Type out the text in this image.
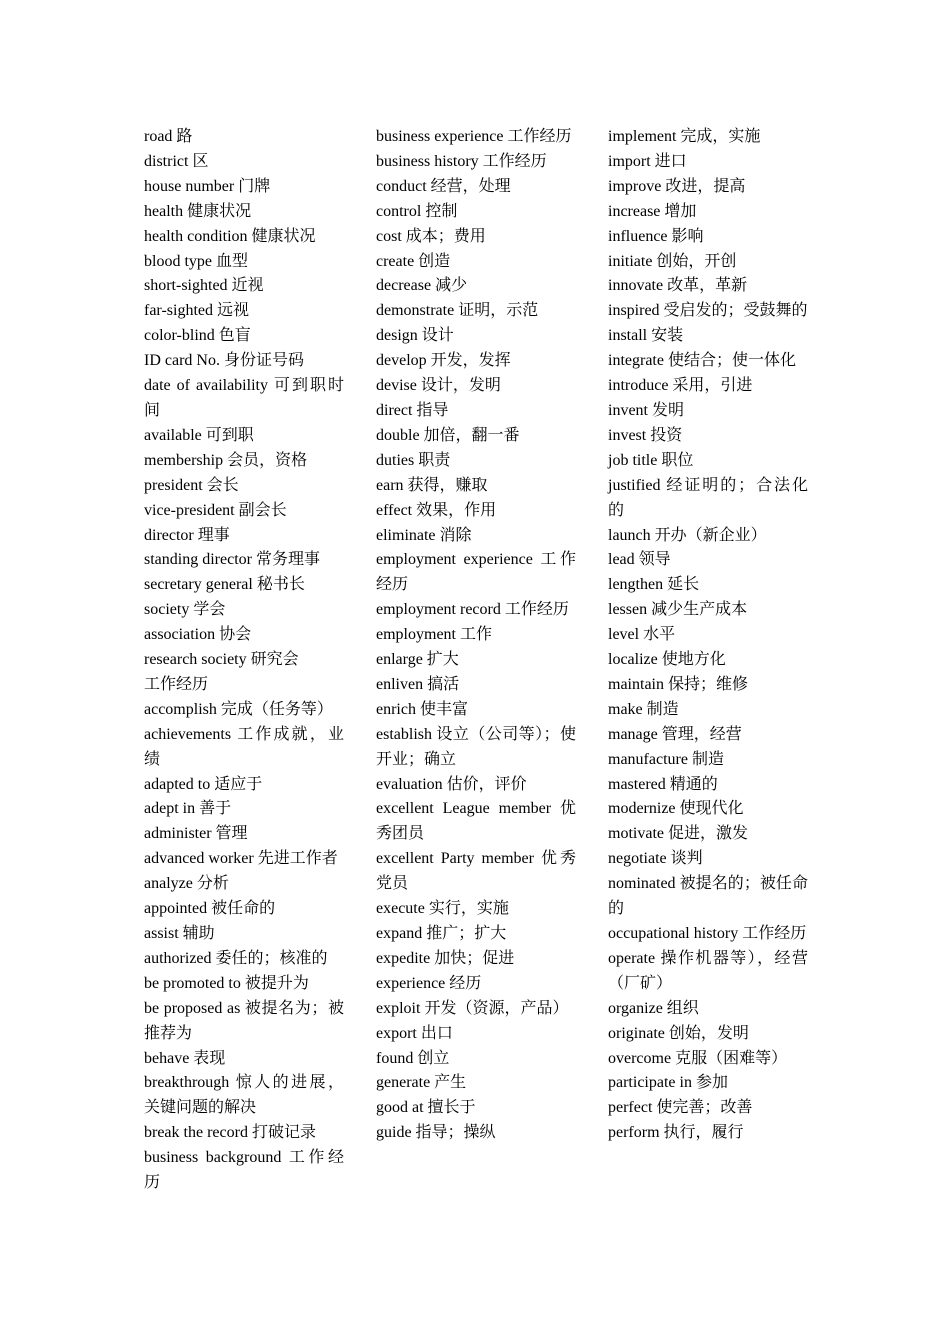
road 路

district 区

house number 门牌

health 健康状况

health condition 健康状况

blood type 血型

short-sighted 近视

far-sighted 远视

color-blind 色盲

ID card No. 身份证号码

date of availability 可到职时间

available 可到职

membership 会员，资格

president 会长

vice-president 副会长

director 理事

standing director 常务理事

secretary general 秘书长

society 学会

association 协会

research society 研究会

工作经历

accomplish 完成（任务等）

achievements 工作成就，业绩

adapted to 适应于

adept in 善于

administer 管理

advanced worker 先进工作者

analyze 分析

appointed 被任命的

assist 辅助

authorized 委任的；核准的

be promoted to 被提升为

be proposed as 被提名为；被推荐为

behave 表现

breakthrough 惊人的进展，关键问题的解决

break the record 打破记录

business background 工作经历

business experience 工作经历

business history 工作经历

conduct 经营，处理

control 控制

cost 成本；费用

create 创造

decrease 减少

demonstrate 证明，示范

design 设计

develop 开发，发挥

devise 设计，发明

direct 指导

double 加倍，翻一番

duties 职责

earn 获得，赚取

effect 效果，作用

eliminate 消除

employment experience 工作经历

employment record 工作经历

employment 工作

enlarge 扩大

enliven 搞活

enrich 使丰富

establish 设立（公司等）；使开业；确立

evaluation 估价，评价

excellent League member 优秀团员

excellent Party member 优秀党员

execute 实行，实施

expand 推广；扩大

expedite 加快；促进

experience 经历

exploit 开发（资源，产品）

export 出口

found 创立

generate 产生

good at 擅长于

guide 指导；操纵

implement 完成，实施

import 进口

improve 改进，提高

increase 增加

influence 影响

initiate 创始，开创

innovate 改革，革新

inspired 受启发的；受鼓舞的

install 安装

integrate 使结合；使一体化

introduce 采用，引进

invent 发明

invest 投资

job title 职位

justified 经证明的；合法化的

launch 开办（新企业）

lead 领导

lengthen 延长

lessen 减少生产成本

level 水平

localize 使地方化

maintain 保持；维修

make 制造

manage 管理，经营

manufacture 制造

mastered 精通的

modernize 使现代化

motivate 促进，激发

negotiate 谈判

nominated 被提名的；被任命的

occupational history 工作经历

operate 操作机器等），经营（厂矿）

organize 组织

originate 创始，发明

overcome 克服（困难等）

participate in 参加

perfect 使完善；改善

perform 执行，履行
